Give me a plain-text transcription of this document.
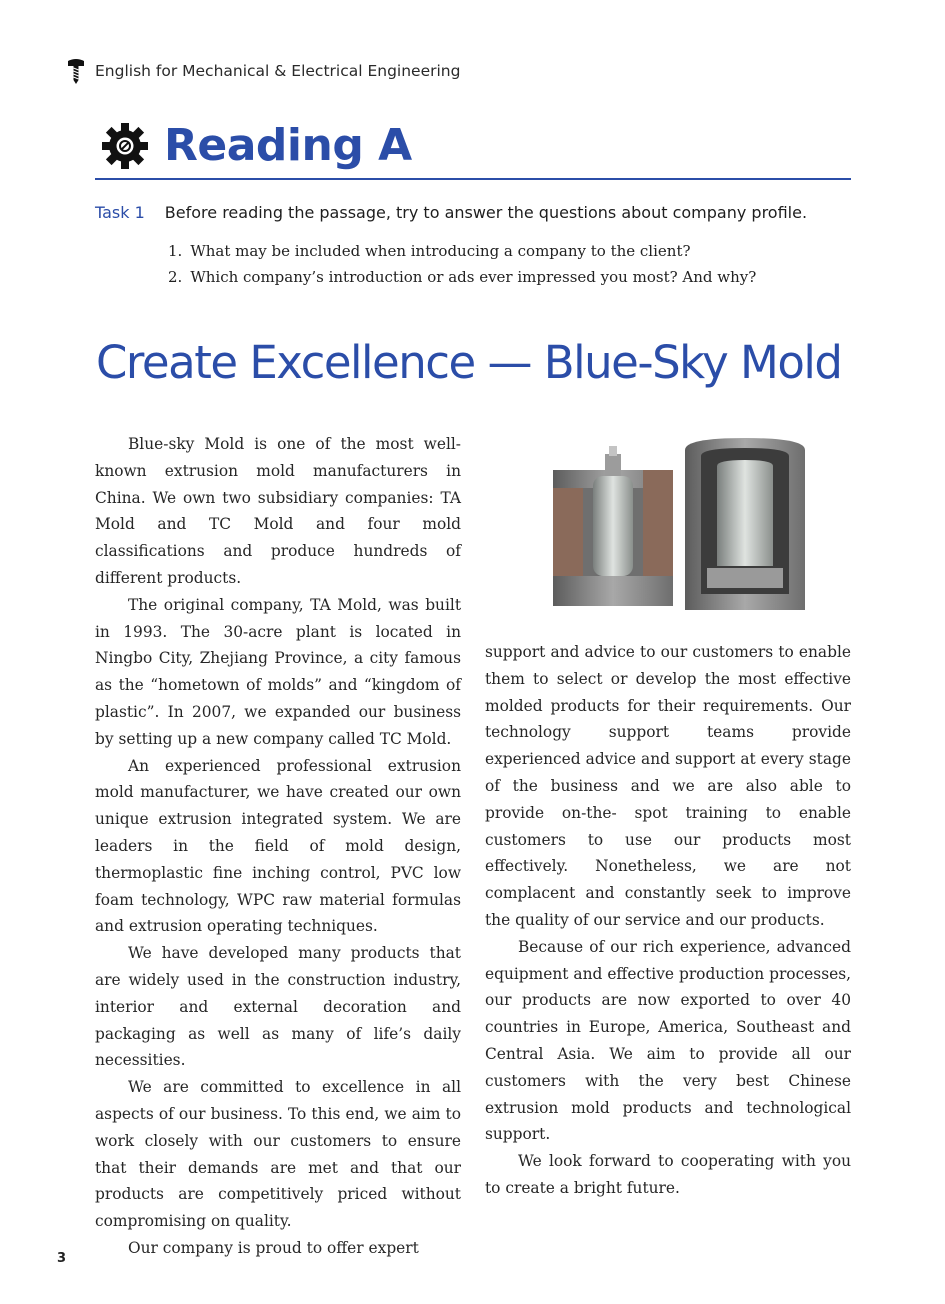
English for Mechanical & Electrical Engineering
Reading A
Task 1 Before reading the passage, try to answer the questions about company profile.
1. What may be included when introducing a company to the client?
2. Which company’s introduction or ads ever impressed you most? And why?
Create Excellence — Blue-Sky Mold

Blue-sky Mold is one of the most well-known extrusion mold manufacturers in China. We own two subsidiary companies: TA Mold and TC Mold and four mold classifications and produce hundreds of different products.

The original company, TA Mold, was built in 1993. The 30-acre plant is located in Ningbo City, Zhejiang Province, a city famous as the “hometown of molds” and “kingdom of plastic”. In 2007, we expanded our business by setting up a new company called TC Mold.

An experienced professional extrusion mold manufacturer, we have created our own unique extrusion integrated system. We are leaders in the field of mold design, thermoplastic fine inching control, PVC low foam technology, WPC raw material formulas and extrusion operating techniques.

We have developed many products that are widely used in the construction industry, interior and external decoration and packaging as well as many of life’s daily necessities.

We are committed to excellence in all aspects of our business. To this end, we aim to work closely with our customers to ensure that their demands are met and that our products are competitively priced without compromising on quality.

Our company is proud to offer expert

support and advice to our customers to enable them to select or develop the most effective molded products for their requirements. Our technology support teams provide experienced advice and support at every stage of the business and we are also able to provide on-the- spot training to enable customers to use our products most effectively. Nonetheless, we are not complacent and constantly seek to improve the quality of our service and our products.

Because of our rich experience, advanced equipment and effective production processes, our products are now exported to over 40 countries in Europe, America, Southeast and Central Asia. We aim to provide all our customers with the very best Chinese extrusion mold products and technological support.

We look forward to cooperating with you to create a bright future.

3
